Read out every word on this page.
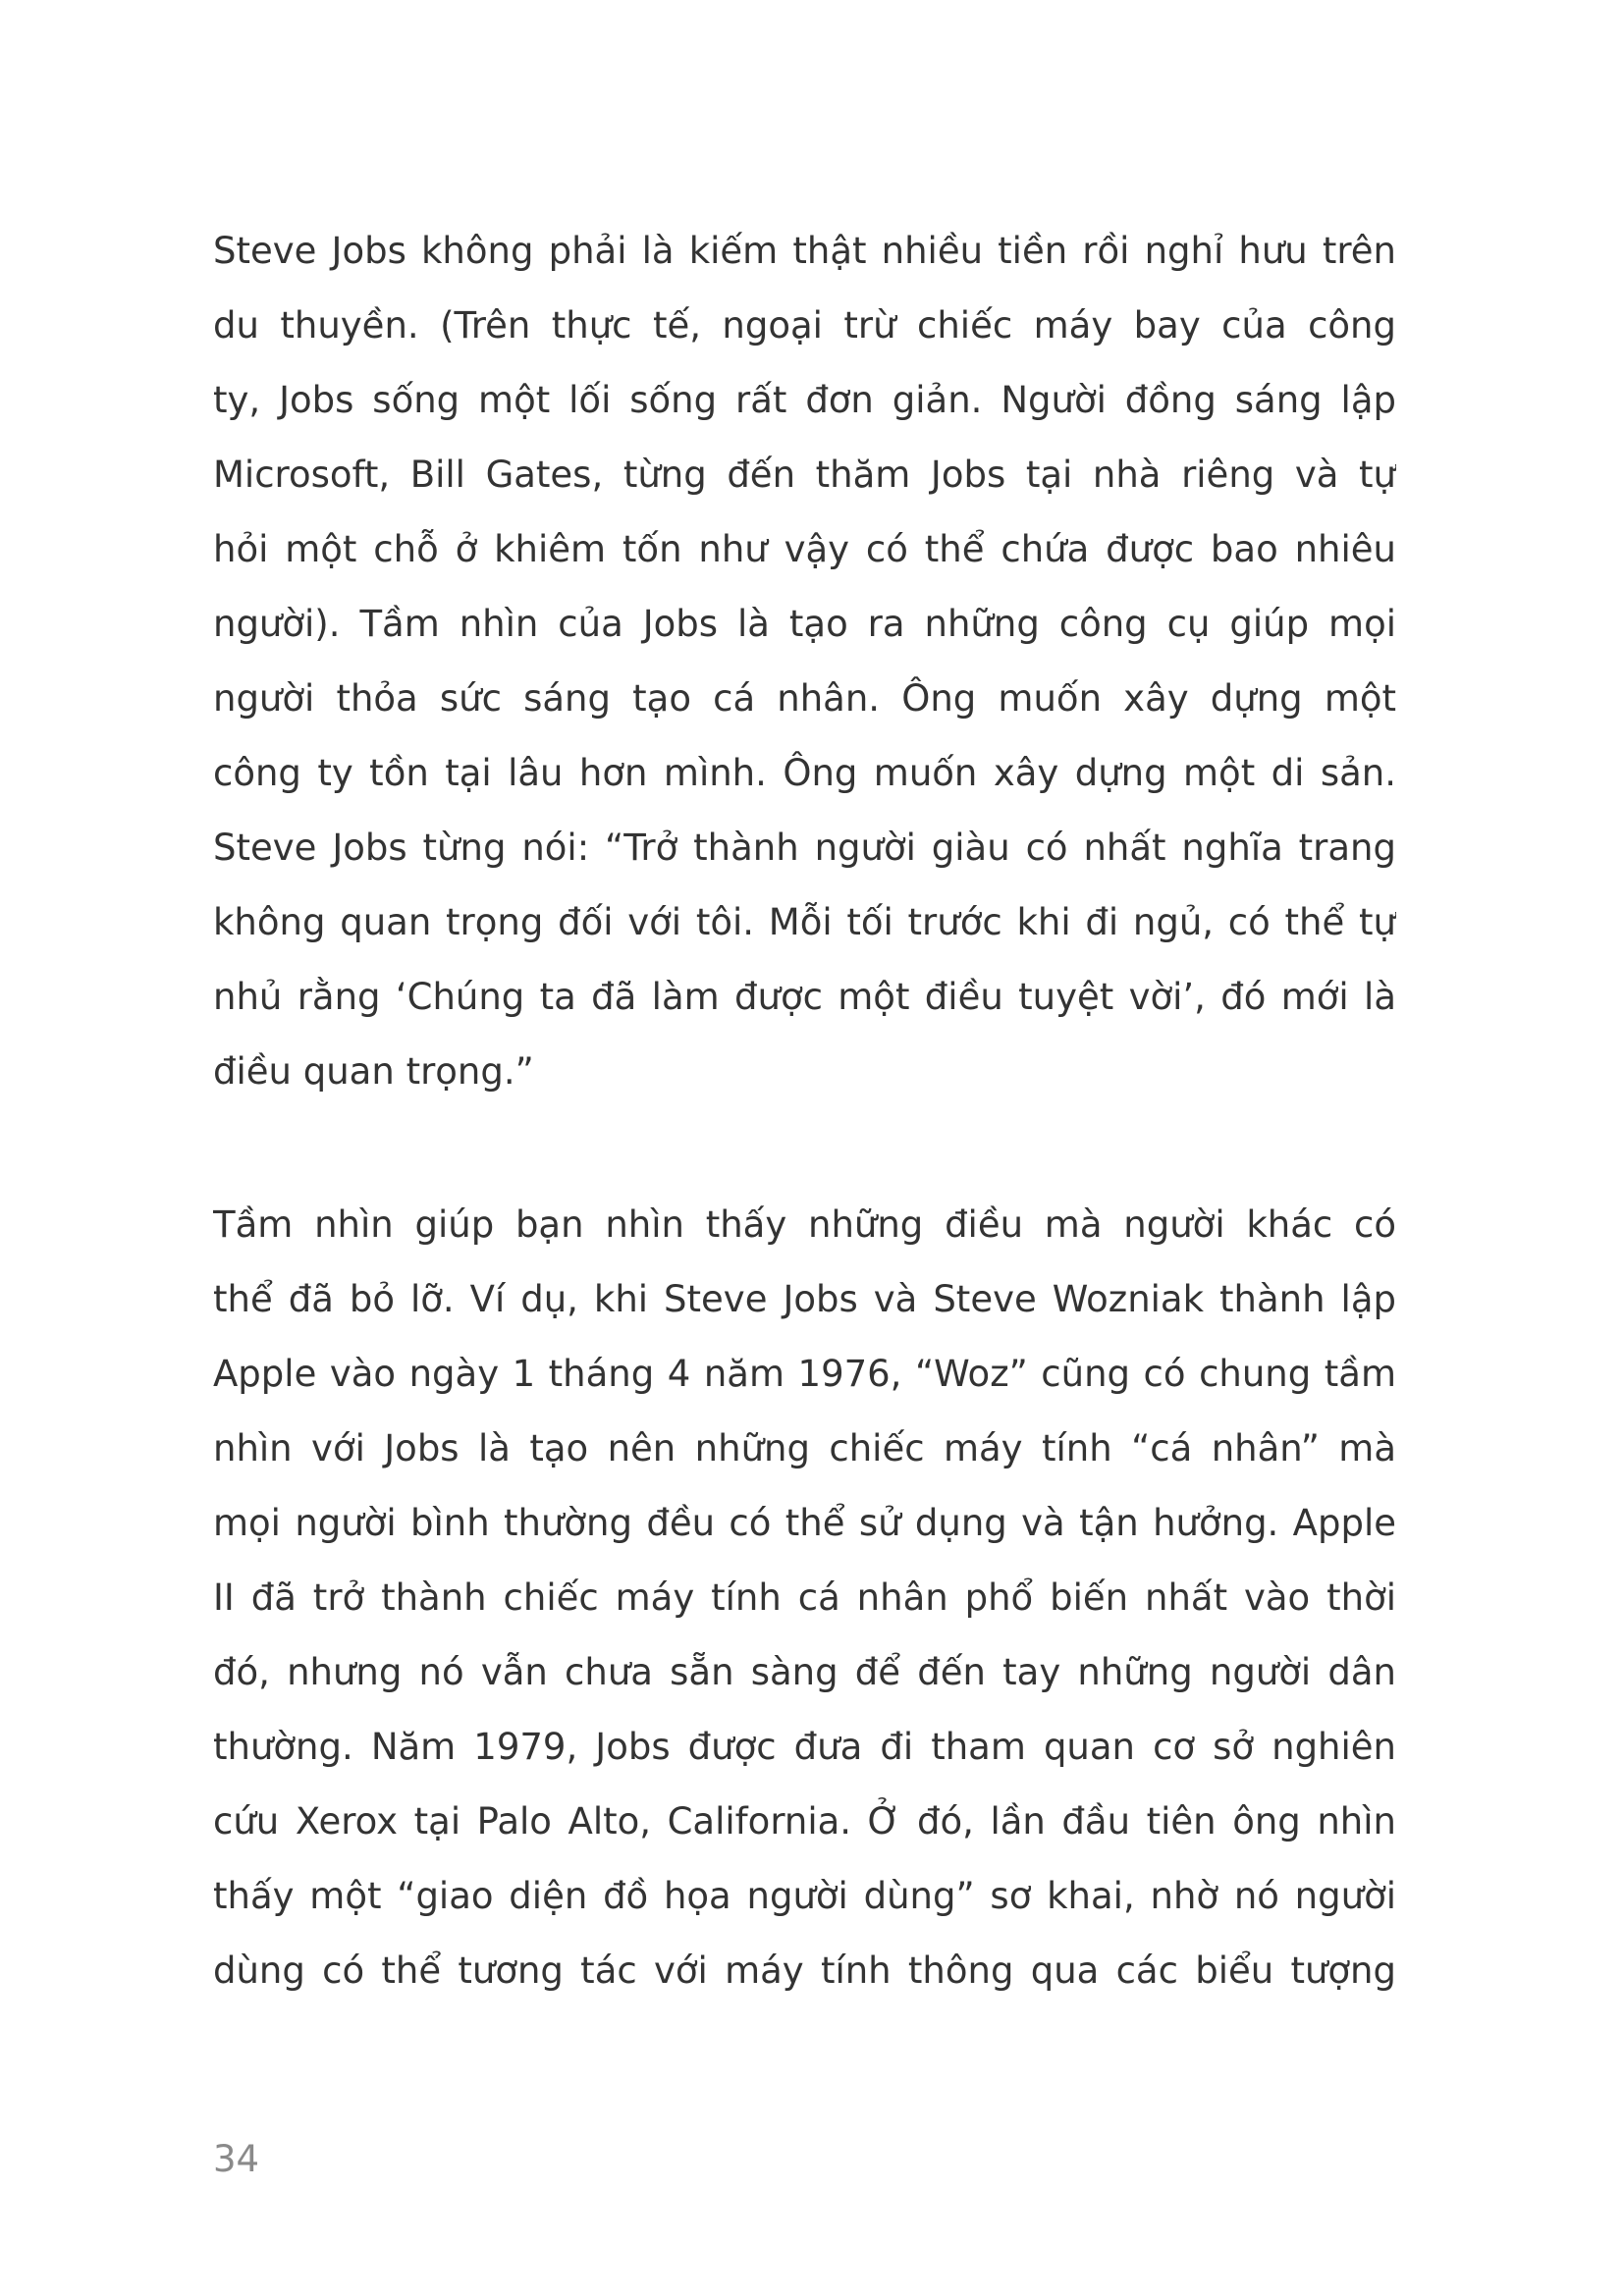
Steve Jobs không phải là kiếm thật nhiều tiền rồi nghỉ hưu trên
du thuyền. (Trên thực tế, ngoại trừ chiếc máy bay của công
ty, Jobs sống một lối sống rất đơn giản. Người đồng sáng lập
Microsoft, Bill Gates, từng đến thăm Jobs tại nhà riêng và tự
hỏi một chỗ ở khiêm tốn như vậy có thể chứa được bao nhiêu
người). Tầm nhìn của Jobs là tạo ra những công cụ giúp mọi
người thỏa sức sáng tạo cá nhân. Ông muốn xây dựng một
công ty tồn tại lâu hơn mình. Ông muốn xây dựng một di sản.
Steve Jobs từng nói: “Trở thành người giàu có nhất nghĩa trang
không quan trọng đối với tôi. Mỗi tối trước khi đi ngủ, có thể tự
nhủ rằng ‘Chúng ta đã làm được một điều tuyệt vời’, đó mới là
điều quan trọng.”
Tầm nhìn giúp bạn nhìn thấy những điều mà người khác có
thể đã bỏ lỡ. Ví dụ, khi Steve Jobs và Steve Wozniak thành lập
Apple vào ngày 1 tháng 4 năm 1976, “Woz” cũng có chung tầm
nhìn với Jobs là tạo nên những chiếc máy tính “cá nhân” mà
mọi người bình thường đều có thể sử dụng và tận hưởng. Apple
II đã trở thành chiếc máy tính cá nhân phổ biến nhất vào thời
đó, nhưng nó vẫn chưa sẵn sàng để đến tay những người dân
thường. Năm 1979, Jobs được đưa đi tham quan cơ sở nghiên
cứu Xerox tại Palo Alto, California. Ở đó, lần đầu tiên ông nhìn
thấy một “giao diện đồ họa người dùng” sơ khai, nhờ nó người
dùng có thể tương tác với máy tính thông qua các biểu tượng
34
